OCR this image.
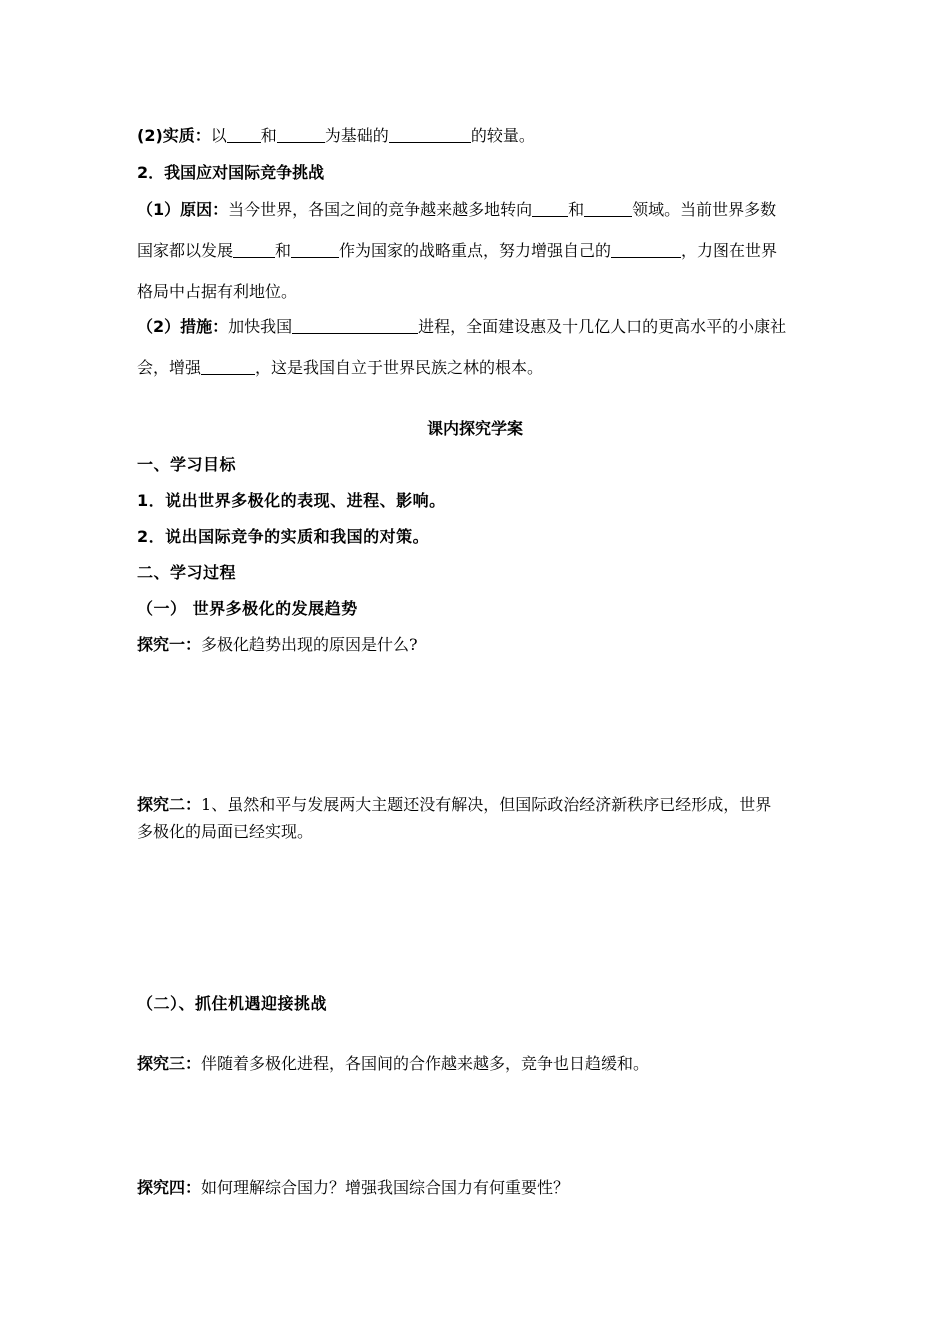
(2)实质：以 和	为基础的	的较量。
2．我国应对国际竞争挑战
（1）原因：当今世界，各国之间的竞争越来越多地转向 和	领域。当前世界多数
国家都以发展	和	作为国家的战略重点，努力增强自己的	，力图在世界
格局中占据有利地位。
（2）措施：加快我国	进程，全面建设惠及十几亿人口的更高水平的小康社
会，增强	，这是我国自立于世界民族之林的根本。
课内探究学案
一、学习目标
1．说出世界多极化的表现、进程、影响。
2．说出国际竞争的实质和我国的对策。
二、学习过程
（一） 世界多极化的发展趋势
探究一：多极化趋势出现的原因是什么?
探究二：1、虽然和平与发展两大主题还没有解决，但国际政治经济新秩序已经形成，世界
多极化的局面已经实现。
（二）、抓住机遇迎接挑战
探究三：伴随着多极化进程，各国间的合作越来越多，竞争也日趋缓和。
探究四：如何理解综合国力？增强我国综合国力有何重要性？
